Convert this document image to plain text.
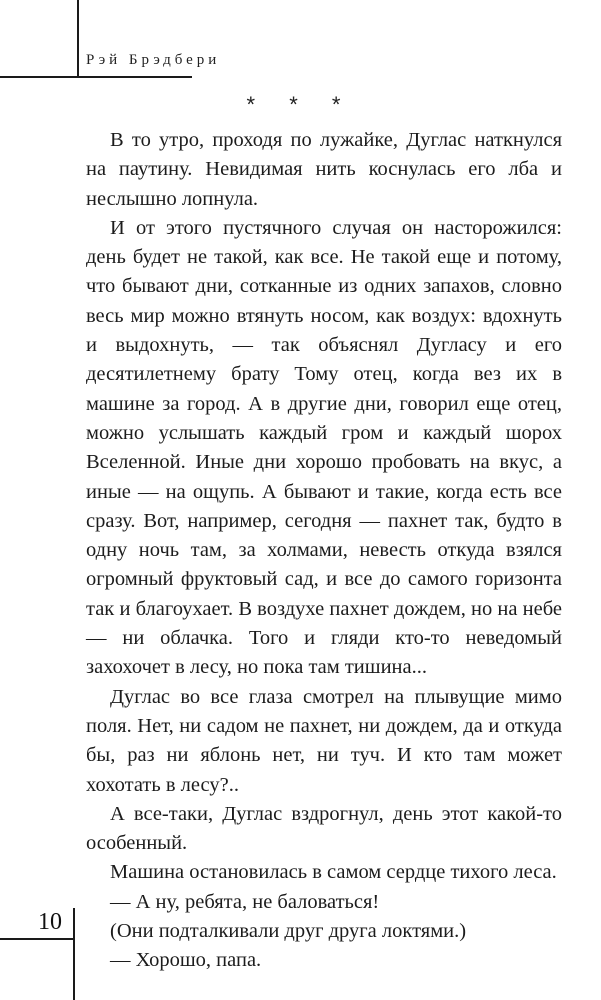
Рэй Брэдбери
* * *

В то утро, проходя по лужайке, Дуглас наткнулся на паутину. Невидимая нить коснулась его лба и неслышно лопнула.

И от этого пустячного случая он насторожился: день будет не такой, как все. Не такой еще и потому, что бывают дни, сотканные из одних запахов, словно весь мир можно втянуть носом, как воздух: вдохнуть и выдохнуть, — так объяснял Дугласу и его десятилетнему брату Тому отец, когда вез их в машине за город. А в другие дни, говорил еще отец, можно услышать каждый гром и каждый шорох Вселенной. Иные дни хорошо пробовать на вкус, а иные — на ощупь. А бывают и такие, когда есть все сразу. Вот, например, сегодня — пахнет так, будто в одну ночь там, за холмами, невесть откуда взялся огромный фруктовый сад, и все до самого горизонта так и благоухает. В воздухе пахнет дождем, но на небе — ни облачка. Того и гляди кто-то неведомый захохочет в лесу, но пока там тишина...

Дуглас во все глаза смотрел на плывущие мимо поля. Нет, ни садом не пахнет, ни дождем, да и откуда бы, раз ни яблонь нет, ни туч. И кто там может хохотать в лесу?..

А все-таки, Дуглас вздрогнул, день этот какой-то особенный.

Машина остановилась в самом сердце тихого леса.

— А ну, ребята, не баловаться!

(Они подталкивали друг друга локтями.)

— Хорошо, папа.

10
